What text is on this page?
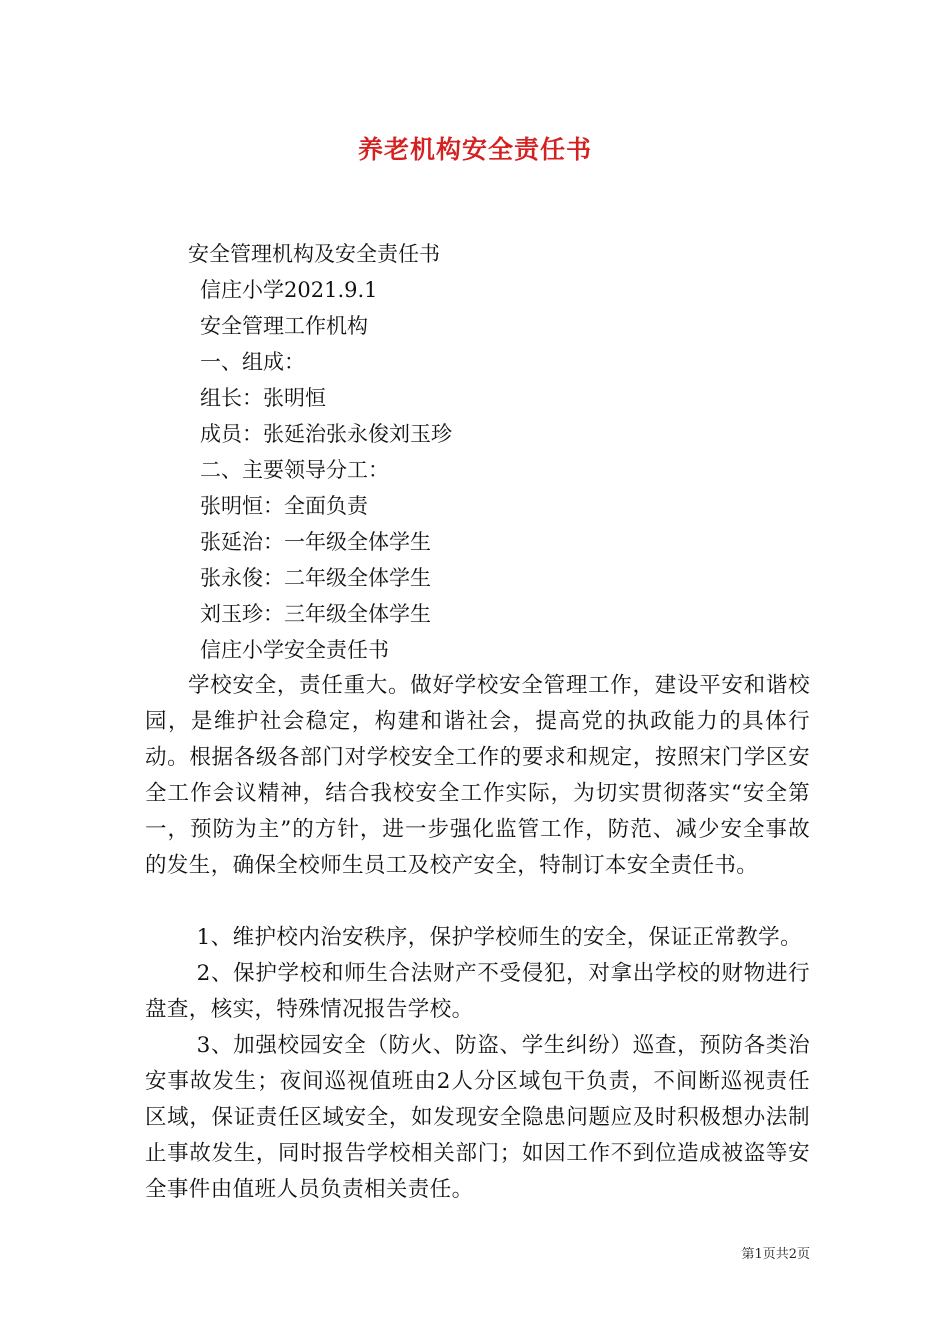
养老机构安全责任书
安全管理机构及安全责任书
信庄小学2021.9.1
安全管理工作机构
一、组成：
组长：张明恒
成员：张延治张永俊刘玉珍
二、主要领导分工：
张明恒：全面负责
张延治：一年级全体学生
张永俊：二年级全体学生
刘玉珍：三年级全体学生
信庄小学安全责任书
学校安全，责任重大。做好学校安全管理工作，建设平安和谐校园，是维护社会稳定，构建和谐社会，提高党的执政能力的具体行动。根据各级各部门对学校安全工作的要求和规定，按照宋门学区安全工作会议精神，结合我校安全工作实际，为切实贯彻落实“安全第一，预防为主”的方针，进一步强化监管工作，防范、减少安全事故的发生，确保全校师生员工及校产安全，特制订本安全责任书。
1、维护校内治安秩序，保护学校师生的安全，保证正常教学。
2、保护学校和师生合法财产不受侵犯，对拿出学校的财物进行盘查，核实，特殊情况报告学校。
3、加强校园安全（防火、防盗、学生纠纷）巡查，预防各类治安事故发生；夜间巡视值班由2人分区域包干负责，不间断巡视责任区域，保证责任区域安全，如发现安全隐患问题应及时积极想办法制止事故发生，同时报告学校相关部门；如因工作不到位造成被盗等安全事件由值班人员负责相关责任。
第1页共2页
